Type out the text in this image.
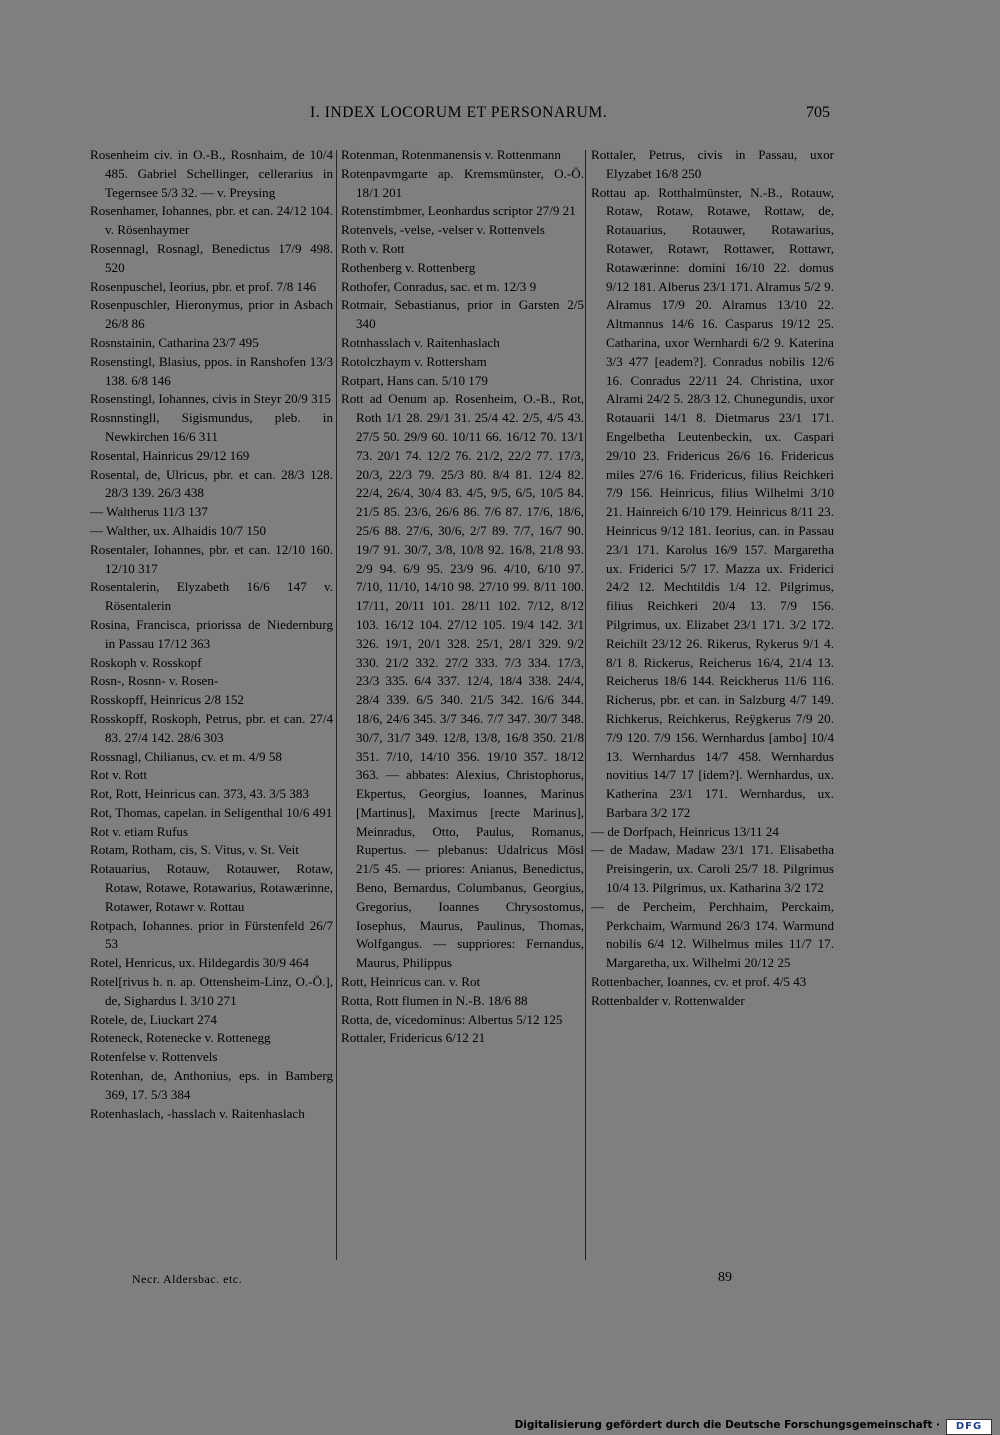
I. INDEX LOCORUM ET PERSONARUM.	705

Rosenheim civ. in O.-B., Rosnhaim, de 10/4 485. Gabriel Schellinger, cellerarius in Tegernsee 5/3 32. — v. Preysing

Rosenhamer, Iohannes, pbr. et can. 24/12 104. v. Rösenhaymer

Rosennagl, Rosnagl, Benedictus 17/9 498. 520

Rosenpuschel, Ieorius, pbr. et prof. 7/8 146

Rosenpuschler, Hieronymus, prior in Asbach 26/8 86

Rosnstainin, Catharina 23/7 495

Rosenstingl, Blasius, ppos. in Ranshofen 13/3 138. 6/8 146

Rosenstingl, Iohannes, civis in Steyr 20/9 315

Rosnnstingll, Sigismundus, pleb. in Newkirchen 16/6 311

Rosental, Hainricus 29/12 169

Rosental, de, Ulricus, pbr. et can. 28/3 128. 28/3 139. 26/3 438

— Waltherus 11/3 137

— Walther, ux. Alhaidis 10/7 150

Rosentaler, Iohannes, pbr. et can. 12/10 160. 12/10 317

Rosentalerin, Elyzabeth 16/6 147 v. Rösentalerin

Rosina, Francisca, priorissa de Niedernburg in Passau 17/12 363

Roskoph v. Rosskopf

Rosn-, Rosnn- v. Rosen-

Rosskopff, Heinricus 2/8 152

Rosskopff, Roskoph, Petrus, pbr. et can. 27/4 83. 27/4 142. 28/6 303

Rossnagl, Chilianus, cv. et m. 4/9 58

Rot v. Rott

Rot, Rott, Heinricus can. 373, 43. 3/5 383

Rot, Thomas, capelan. in Seligenthal 10/6 491

Rot v. etiam Rufus

Rotam, Rotham, cis, S. Vitus, v. St. Veit

Rotauarius, Rotauw, Rotauwer, Rotaw, Rotaw, Rotawe, Rotawarius, Rotawærinne, Rotawer, Rotawr v. Rottau

Rotpach, Iohannes. prior in Fürstenfeld 26/7 53

Rotel, Henricus, ux. Hildegardis 30/9 464

Rotel[rivus h. n. ap. Ottensheim-Linz, O.-Ö.], de, Sighardus I. 3/10 271

Rotele, de, Liuckart 274

Roteneck, Rotenecke v. Rottenegg

Rotenfelse v. Rottenvels

Rotenhan, de, Anthonius, eps. in Bamberg 369, 17. 5/3 384

Rotenhaslach, -hasslach v. Raitenhaslach

Rotenman, Rotenmanensis v. Rottenmann

Rotenpavmgarte ap. Kremsmünster, O.-Ö. 18/1 201

Rotenstimbmer, Leonhardus scriptor 27/9 21

Rotenvels, -velse, -velser v. Rottenvels

Roth v. Rott

Rothenberg v. Rottenberg

Rothofer, Conradus, sac. et m. 12/3 9

Rotmair, Sebastianus, prior in Garsten 2/5 340

Rotnhasslach v. Raitenhaslach

Rotolczhaym v. Rottersham

Rotpart, Hans can. 5/10 179

Rott ad Oenum ap. Rosenheim, O.-B., Rot, Roth 1/1 28. 29/1 31. 25/4 42. 2/5, 4/5 43. 27/5 50. 29/9 60. 10/11 66. 16/12 70. 13/1 73. 20/1 74. 12/2 76. 21/2, 22/2 77. 17/3, 20/3, 22/3 79. 25/3 80. 8/4 81. 12/4 82. 22/4, 26/4, 30/4 83. 4/5, 9/5, 6/5, 10/5 84. 21/5 85. 23/6, 26/6 86. 7/6 87. 17/6, 18/6, 25/6 88. 27/6, 30/6, 2/7 89. 7/7, 16/7 90. 19/7 91. 30/7, 3/8, 10/8 92. 16/8, 21/8 93. 2/9 94. 6/9 95. 23/9 96. 4/10, 6/10 97. 7/10, 11/10, 14/10 98. 27/10 99. 8/11 100. 17/11, 20/11 101. 28/11 102. 7/12, 8/12 103. 16/12 104. 27/12 105. 19/4 142. 3/1 326. 19/1, 20/1 328. 25/1, 28/1 329. 9/2 330. 21/2 332. 27/2 333. 7/3 334. 17/3, 23/3 335. 6/4 337. 12/4, 18/4 338. 24/4, 28/4 339. 6/5 340. 21/5 342. 16/6 344. 18/6, 24/6 345. 3/7 346. 7/7 347. 30/7 348. 30/7, 31/7 349. 12/8, 13/8, 16/8 350. 21/8 351. 7/10, 14/10 356. 19/10 357. 18/12 363. — abbates: Alexius, Christophorus, Ekpertus, Georgius, Ioannes, Marinus [Martinus], Maximus [recte Marinus], Meinradus, Otto, Paulus, Romanus, Rupertus. — plebanus: Udalricus Mösl 21/5 45. — priores: Anianus, Benedictus, Beno, Bernardus, Columbanus, Georgius, Gregorius, Ioannes Chrysostomus, Iosephus, Maurus, Paulinus, Thomas, Wolfgangus. — suppriores: Fernandus, Maurus, Philippus

Rott, Heinricus can. v. Rot

Rotta, Rott flumen in N.-B. 18/6 88

Rotta, de, vicedominus: Albertus 5/12 125

Rottaler, Fridericus 6/12 21

Rottaler, Petrus, civis in Passau, uxor Elyzabet 16/8 250

Rottau ap. Rotthalmünster, N.-B., Rotauw, Rotaw, Rotaw, Rotawe, Rottaw, de, Rotauarius, Rotauwer, Rotawarius, Rotawer, Rotawr, Rottawer, Rottawr, Rotawærinne: domini 16/10 22. domus 9/12 181. Alberus 23/1 171. Alramus 5/2 9. Alramus 17/9 20. Alramus 13/10 22. Altmannus 14/6 16. Casparus 19/12 25. Catharina, uxor Wernhardi 6/2 9. Katerina 3/3 477 [eadem?]. Conradus nobilis 12/6 16. Conradus 22/11 24. Christina, uxor Alrami 24/2 5. 28/3 12. Chunegundis, uxor Rotauarii 14/1 8. Dietmarus 23/1 171. Engelbetha Leutenbeckin, ux. Caspari 29/10 23. Fridericus 26/6 16. Fridericus miles 27/6 16. Fridericus, filius Reichkeri 7/9 156. Heinricus, filius Wilhelmi 3/10 21. Hainreich 6/10 179. Heinricus 8/11 23. Heinricus 9/12 181. Ieorius, can. in Passau 23/1 171. Karolus 16/9 157. Margaretha ux. Friderici 5/7 17. Mazza ux. Friderici 24/2 12. Mechtildis 1/4 12. Pilgrimus, filius Reichkeri 20/4 13. 7/9 156. Pilgrimus, ux. Elizabet 23/1 171. 3/2 172. Reichilt 23/12 26. Rikerus, Rykerus 9/1 4. 8/1 8. Rickerus, Reicherus 16/4, 21/4 13. Reicherus 18/6 144. Reickherus 11/6 116. Richerus, pbr. et can. in Salzburg 4/7 149. Richkerus, Reichkerus, Reÿgkerus 7/9 20. 7/9 120. 7/9 156. Wernhardus [ambo] 10/4 13. Wernhardus 14/7 458. Wernhardus novitius 14/7 17 [idem?]. Wernhardus, ux. Katherina 23/1 171. Wernhardus, ux. Barbara 3/2 172

— de Dorfpach, Heinricus 13/11 24

— de Madaw, Madaw 23/1 171. Elisabetha Preisingerin, ux. Caroli 25/7 18. Pilgrimus 10/4 13. Pilgrimus, ux. Katharina 3/2 172

— de Percheim, Perchhaim, Perckaim, Perkchaim, Warmund 26/3 174. Warmund nobilis 6/4 12. Wilhelmus miles 11/7 17. Margaretha, ux. Wilhelmi 20/12 25

Rottenbacher, Ioannes, cv. et prof. 4/5 43

Rottenbalder v. Rottenwalder

Necr. Aldersbac. etc.	89
Digitalisierung gefördert durch die Deutsche Forschungsgemeinschaft ·	DFG
